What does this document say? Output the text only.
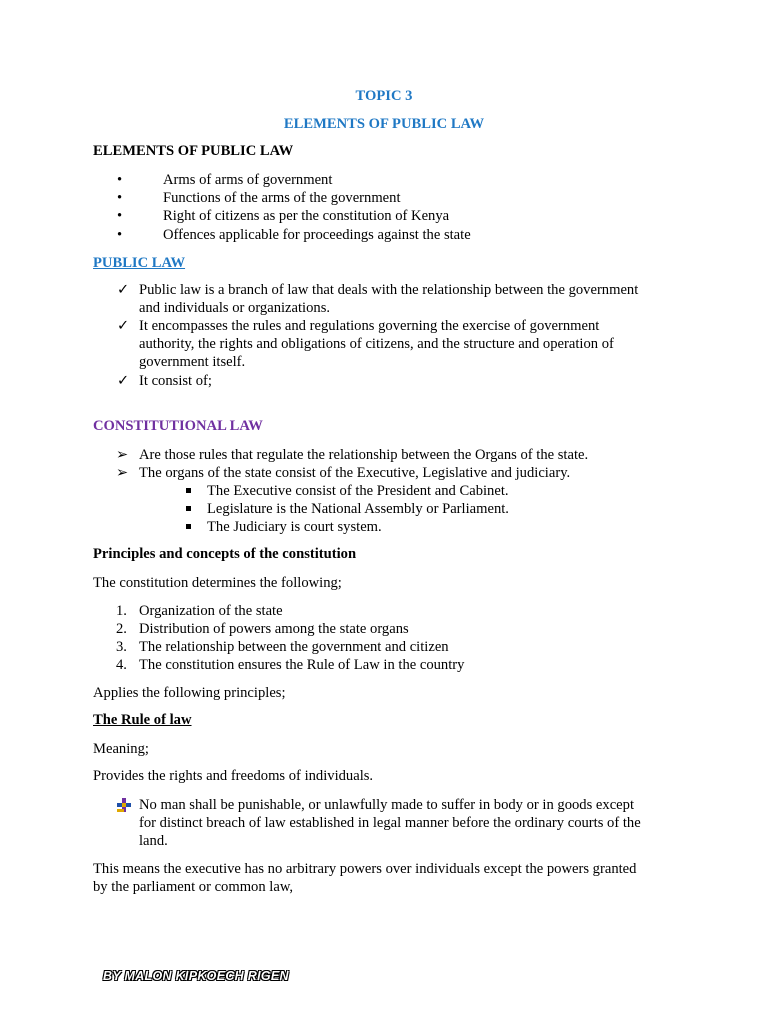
TOPIC 3
ELEMENTS OF PUBLIC LAW
ELEMENTS OF PUBLIC LAW
•	Arms of arms of government
•	Functions of the arms of the government
•	Right of citizens as per the constitution of Kenya
•	Offences applicable for proceedings against the state
PUBLIC LAW
✓ Public law is a branch of law that deals with the relationship between the government
and individuals or organizations.
✓ It encompasses the rules and regulations governing the exercise of government
authority, the rights and obligations of citizens, and the structure and operation of
government itself.
✓ It consist of;
CONSTITUTIONAL LAW
➢ Are those rules that regulate the relationship between the Organs of the state.
➢ The organs of the state consist of the Executive, Legislative and judiciary.
The Executive consist of the President and Cabinet.
Legislature is the National Assembly or Parliament.
The Judiciary is court system.
Principles and concepts of the constitution
The constitution determines the following;
1. Organization of the state
2. Distribution of powers among the state organs
3. The relationship between the government and citizen
4. The constitution ensures the Rule of Law in the country
Applies the following principles;
The Rule of law
Meaning;
Provides the rights and freedoms of individuals.
No man shall be punishable, or unlawfully made to suffer in body or in goods except
for distinct breach of law established in legal manner before the ordinary courts of the
land.
This means the executive has no arbitrary powers over individuals except the powers granted
by the parliament or common law,
BY MALON KIPKOECH RIGEN
